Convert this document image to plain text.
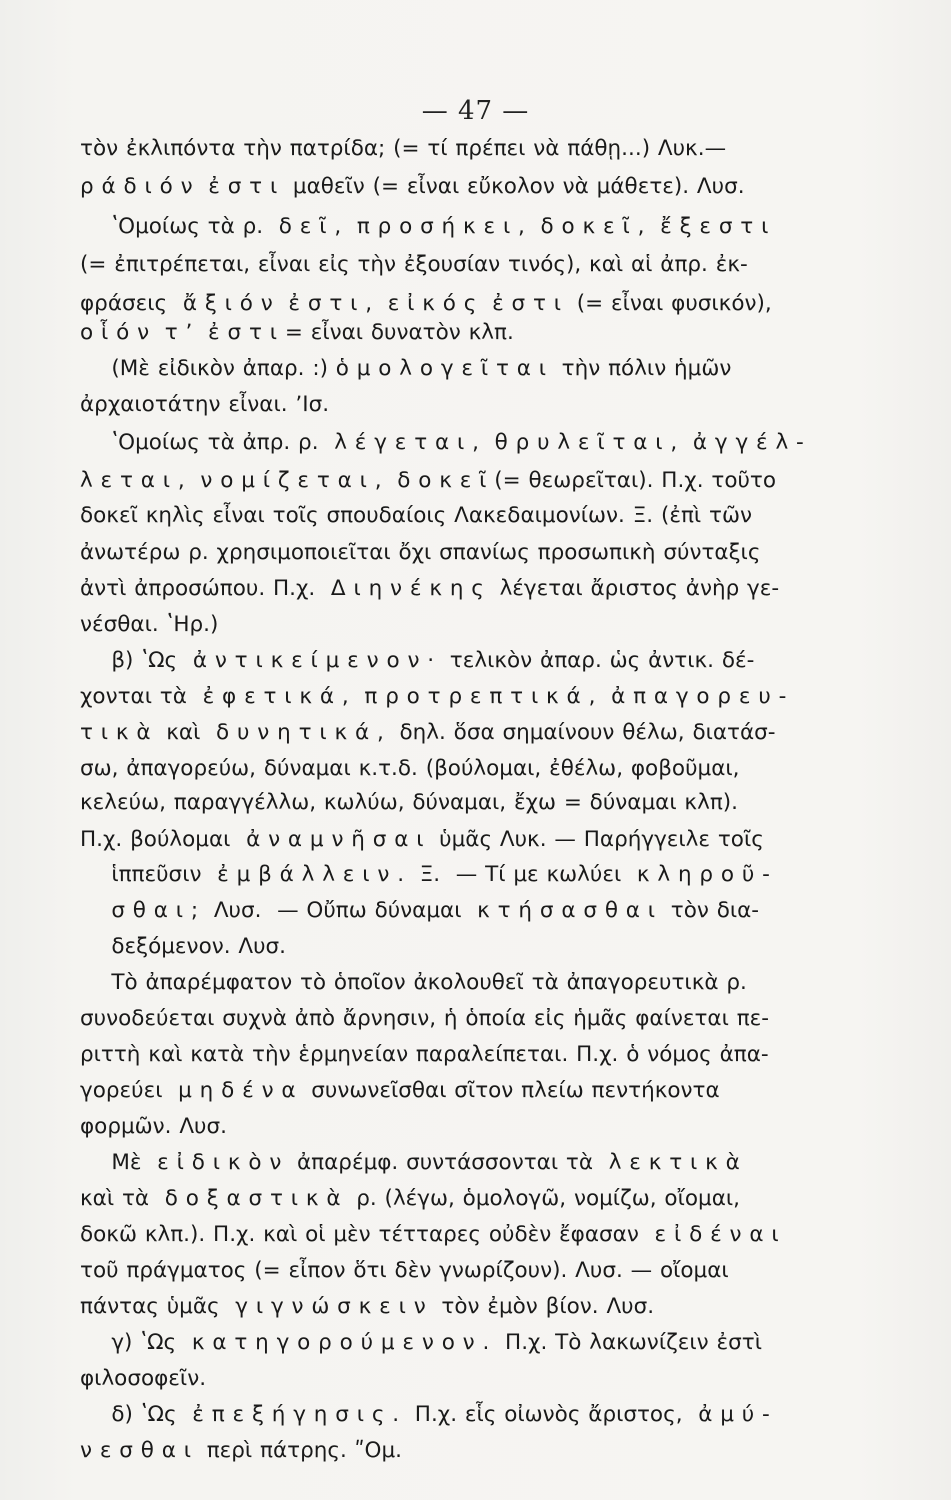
— 47 —
τὸν ἐκλιπόντα τὴν πατρίδα; (= τί πρέπει νὰ πάθῃ...) Λυκ.—
ρ ά δ ι ό ν  ἐ σ τ ι  μαθεῖν (= εἶναι εὔκολον νὰ μάθετε). Λυσ.
ʽΟμοίως τὰ ρ.  δ ε ῖ ,  π ρ ο σ ή κ ε ι ,  δ ο κ ε ῖ ,  ἔ ξ ε σ τ ι
(= ἐπιτρέπεται, εἶναι εἰς τὴν ἐξουσίαν τινός), καὶ αἱ ἀπρ. ἐκ-
φράσεις  ἄ ξ ι ό ν  ἐ σ τ ι ,  ε ἰ κ ό ς  ἐ σ τ ι  (= εἶναι φυσικόν),
ο ἷ ό ν  τ ʼ  ἐ σ τ ι = εἶναι δυνατὸν κλπ.
(Μὲ εἰδικὸν ἀπαρ. :) ὁ μ ο λ ο γ ε ῖ τ α ι  τὴν πόλιν ἡμῶν
ἀρχαιοτάτην εἶναι. ʼΙσ.
ʽΟμοίως τὰ ἀπρ. ρ.  λ έ γ ε τ α ι ,  θ ρ υ λ ε ῖ τ α ι ,  ἀ γ γ έ λ -
λ ε τ α ι ,  ν ο μ ί ζ ε τ α ι ,  δ ο κ ε ῖ (= θεωρεῖται). Π.χ. τοῦτο
δοκεῖ κηλὶς εἶναι τοῖς σπουδαίοις Λακεδαιμονίων. Ξ. (ἐπὶ τῶν
ἀνωτέρω ρ. χρησιμοποιεῖται ὄχι σπανίως προσωπικὴ σύνταξις
ἀντὶ ἀπροσώπου. Π.χ.  Δ ι η ν έ κ η ς  λέγεται ἄριστος ἀνὴρ γε-
νέσθαι. ʽΗρ.)
β) ʽΩς  ἀ ν τ ι κ ε ί μ ε ν ο ν ·  τελικὸν ἀπαρ. ὡς ἀντικ. δέ-
χονται τὰ  ἐ φ ε τ ι κ ά ,  π ρ ο τ ρ ε π τ ι κ ά ,  ἀ π α γ ο ρ ε υ -
τ ι κ ὰ  καὶ  δ υ ν η τ ι κ ά ,  δηλ. ὅσα σημαίνουν θέλω, διατάσ-
σω, ἀπαγορεύω, δύναμαι κ.τ.δ. (βούλομαι, ἐθέλω, φοβοῦμαι,
κελεύω, παραγγέλλω, κωλύω, δύναμαι, ἔχω = δύναμαι κλπ).
Π.χ. βούλομαι  ἀ ν α μ ν ῆ σ α ι  ὑμᾶς Λυκ. — Παρήγγειλε τοῖς
ἱππεῦσιν  ἐ μ β ά λ λ ε ι ν .  Ξ.  — Τί με κωλύει  κ λ η ρ ο ῦ -
σ θ α ι ;  Λυσ.  — Οὔπω δύναμαι  κ τ ή σ α σ θ α ι  τὸν δια-
δεξόμενον. Λυσ.
Τὸ ἀπαρέμφατον τὸ ὁποῖον ἀκολουθεῖ τὰ ἀπαγορευτικὰ ρ.
συνοδεύεται συχνὰ ἀπὸ ἄρνησιν, ἡ ὁποία εἰς ἡμᾶς φαίνεται πε-
ριττὴ καὶ κατὰ τὴν ἑρμηνείαν παραλείπεται. Π.χ. ὁ νόμος ἀπα-
γορεύει  μ η δ έ ν α  συνωνεῖσθαι σῖτον πλείω πεντήκοντα
φορμῶν. Λυσ.
Μὲ  ε ἰ δ ι κ ὸ ν  ἀπαρέμφ. συντάσσονται τὰ  λ ε κ τ ι κ ὰ
καὶ τὰ  δ ο ξ α σ τ ι κ ὰ  ρ. (λέγω, ὁμολογῶ, νομίζω, οἴομαι,
δοκῶ κλπ.). Π.χ. καὶ οἱ μὲν τέτταρες οὐδὲν ἔφασαν  ε ἰ δ έ ν α ι
τοῦ πράγματος (= εἶπον ὅτι δὲν γνωρίζουν). Λυσ. — οἴομαι
πάντας ὑμᾶς  γ ι γ ν ώ σ κ ε ι ν  τὸν ἐμὸν βίον. Λυσ.
γ) ʽΩς  κ α τ η γ ο ρ ο ύ μ ε ν ο ν .  Π.χ. Τὸ λακωνίζειν ἐστὶ
φιλοσοφεῖν.
δ) ʽΩς  ἐ π ε ξ ή γ η σ ι ς .  Π.χ. εἷς οἰωνὸς ἄριστος,  ἀ μ ύ -
ν ε σ θ α ι  περὶ πάτρης. ʺΟμ.
